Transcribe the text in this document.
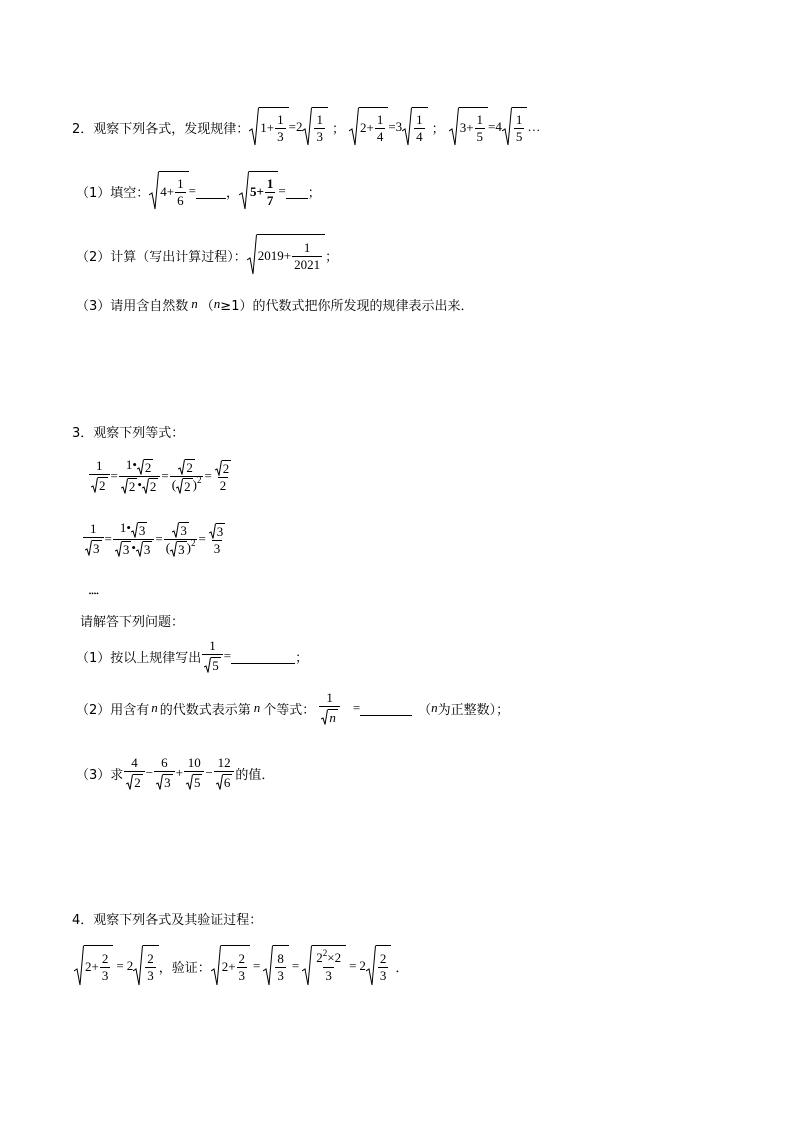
2．观察下列各式，发现规律： $1 + \frac{1}{3} =2 \frac{1}{3}$ ； $2 + \frac{1}{4} =3 \frac{1}{4}$ ； $3 + \frac{1}{5} =4 \frac{1}{5}$ …
（1）填空： $4 + \frac{1}{6}$ = ， $5 + \frac{1}{7}$ = ；
（2）计算（写出计算过程）： $2019 + \frac{1}{2021}$ ；
（3）请用含自然数 n （ n ≥1）的代数式把你所发现的规律表示出来．
3．观察下列等式：
$\frac{1}{2} = \frac{1• 2}{2 • 2} = \frac{2}{( 2 )^2} = \frac{2}{2}$
$\frac{1}{3} = \frac{1• 3}{3 • 3} = \frac{3}{( 3 )^2} = \frac{3}{3}$
．．．．
请解答下列问题：
（1）按以上规律写出 $\frac{1}{5}$ =	；
（2）用含有 n 的代数式表示第 n 个等式： $\frac{1}{n}$ =	（ n 为正整数）；
（3）求 $\frac{4}{2} - \frac{6}{3} + \frac{10}{5} - \frac{12}{6}$ 的值．
4．观察下列各式及其验证过程：
$2 + \frac{2}{3} = 2 \frac{2}{3}$ ，验证： $2 + \frac{2}{3} = \frac{8}{3} = \frac{2^2\times 2}{3} = 2 \frac{2}{3}$ ．
